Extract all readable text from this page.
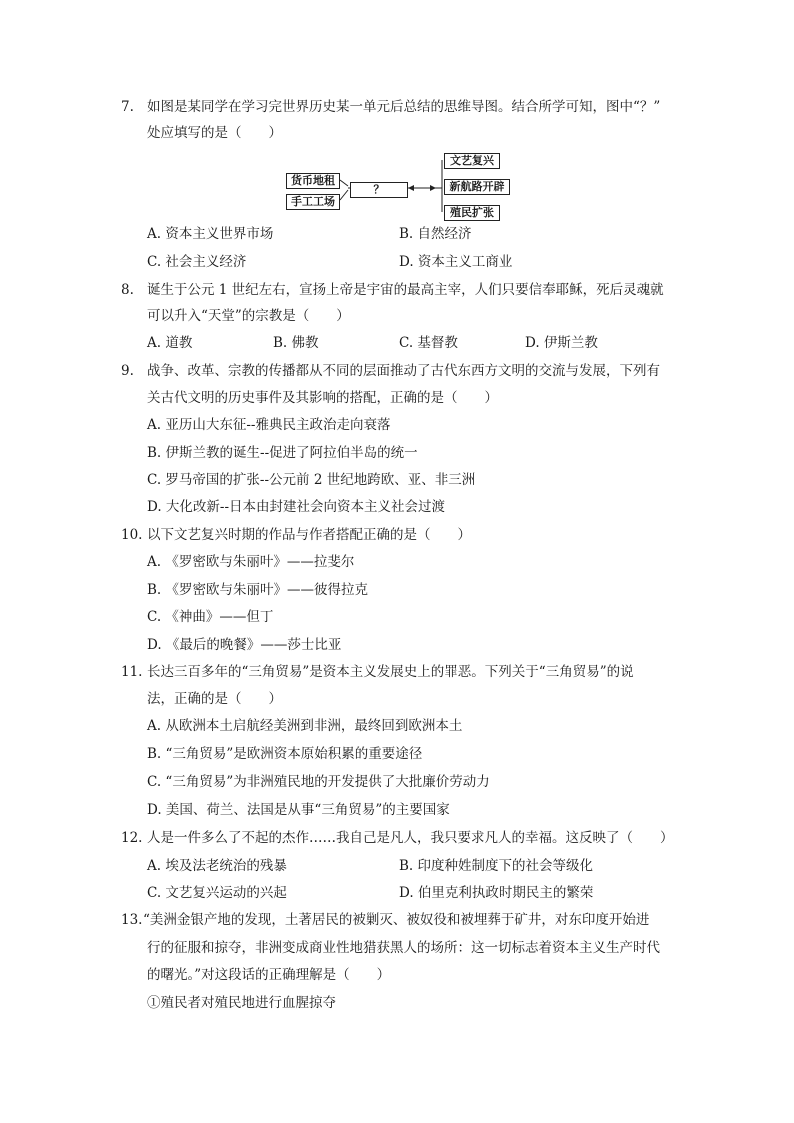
7. 如图是某同学在学习完世界历史某一单元后总结的思维导图。结合所学可知，图中“？”
处应填写的是（　　）
货币地租
手工工场
？
文艺复兴
新航路开辟
殖民扩张
A. 资本主义世界市场	B. 自然经济
C. 社会主义经济	D. 资本主义工商业
8. 诞生于公元 1 世纪左右，宣扬上帝是宇宙的最高主宰，人们只要信奉耶稣，死后灵魂就
可以升入“天堂”的宗教是（　　）
A. 道教	B. 佛教	C. 基督教	D. 伊斯兰教
9. 战争、改革、宗教的传播都从不同的层面推动了古代东西方文明的交流与发展，下列有
关古代文明的历史事件及其影响的搭配，正确的是（　　）
A. 亚历山大东征--雅典民主政治走向衰落
B. 伊斯兰教的诞生--促进了阿拉伯半岛的统一
C. 罗马帝国的扩张--公元前 2 世纪地跨欧、亚、非三洲
D. 大化改新--日本由封建社会向资本主义社会过渡
10. 以下文艺复兴时期的作品与作者搭配正确的是（　　）
A. 《罗密欧与朱丽叶》——拉斐尔
B. 《罗密欧与朱丽叶》——彼得拉克
C. 《神曲》——但丁
D. 《最后的晚餐》——莎士比亚
11. 长达三百多年的“三角贸易”是资本主义发展史上的罪恶。下列关于“三角贸易”的说
法，正确的是（　　）
A. 从欧洲本土启航经美洲到非洲，最终回到欧洲本土
B. “三角贸易”是欧洲资本原始积累的重要途径
C. “三角贸易”为非洲殖民地的开发提供了大批廉价劳动力
D. 美国、荷兰、法国是从事“三角贸易”的主要国家
12. 人是一件多么了不起的杰作……我自己是凡人，我只要求凡人的幸福。这反映了（　　）
A. 埃及法老统治的残暴	B. 印度种姓制度下的社会等级化
C. 文艺复兴运动的兴起	D. 伯里克利执政时期民主的繁荣
13. “美洲金银产地的发现，土著居民的被剿灭、被奴役和被埋葬于矿井，对东印度开始进
行的征服和掠夺，非洲变成商业性地猎获黑人的场所：这一切标志着资本主义生产时代
的曙光。”对这段话的正确理解是（　　）
①殖民者对殖民地进行血腥掠夺
